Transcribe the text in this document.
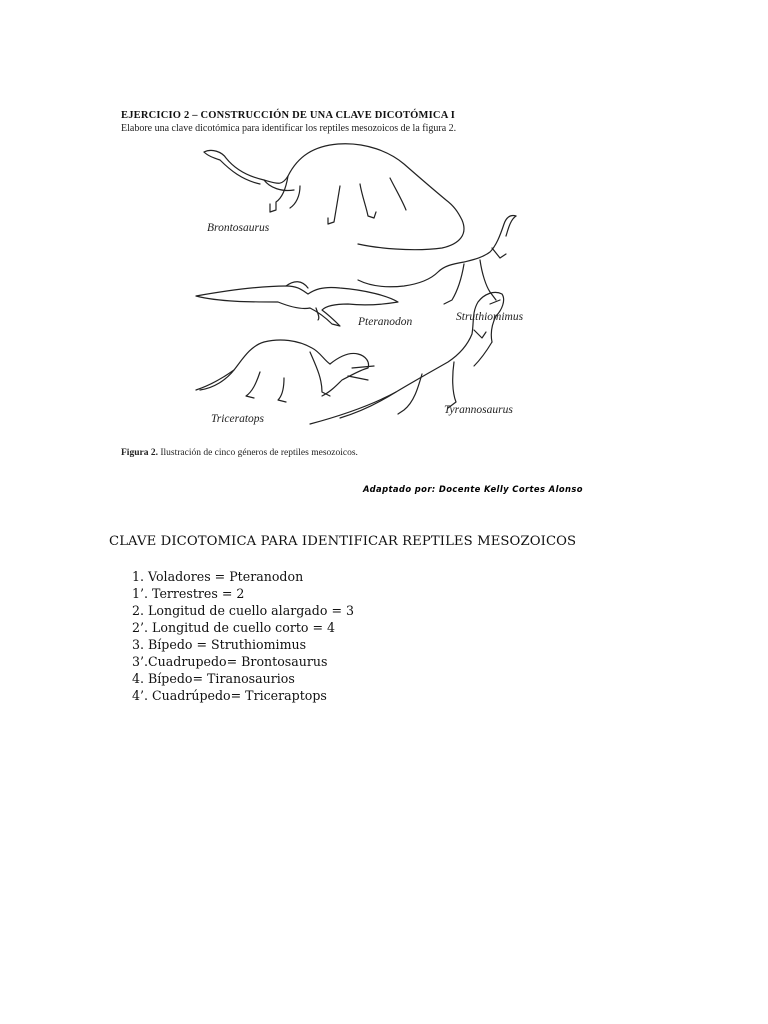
EJERCICIO 2 – CONSTRUCCIÓN DE UNA CLAVE DICOTÓMICA I
Elabore una clave dicotómica para identificar los reptiles mesozoicos de la figura 2.
Brontosaurus
Pteranodon	Struthiomimus
Triceratops
Tyrannosaurus
Figura 2. Ilustración de cinco géneros de reptiles mesozoicos.
Adaptado por: Docente Kelly Cortes Alonso
CLAVE DICOTOMICA PARA IDENTIFICAR REPTILES MESOZOICOS
1. Voladores = Pteranodon
1’. Terrestres = 2
2. Longitud de cuello alargado = 3
2’. Longitud de cuello corto = 4
3. Bípedo = Struthiomimus
3’.Cuadrupedo= Brontosaurus
4. Bípedo= Tiranosaurios
4’. Cuadrúpedo= Triceraptops
